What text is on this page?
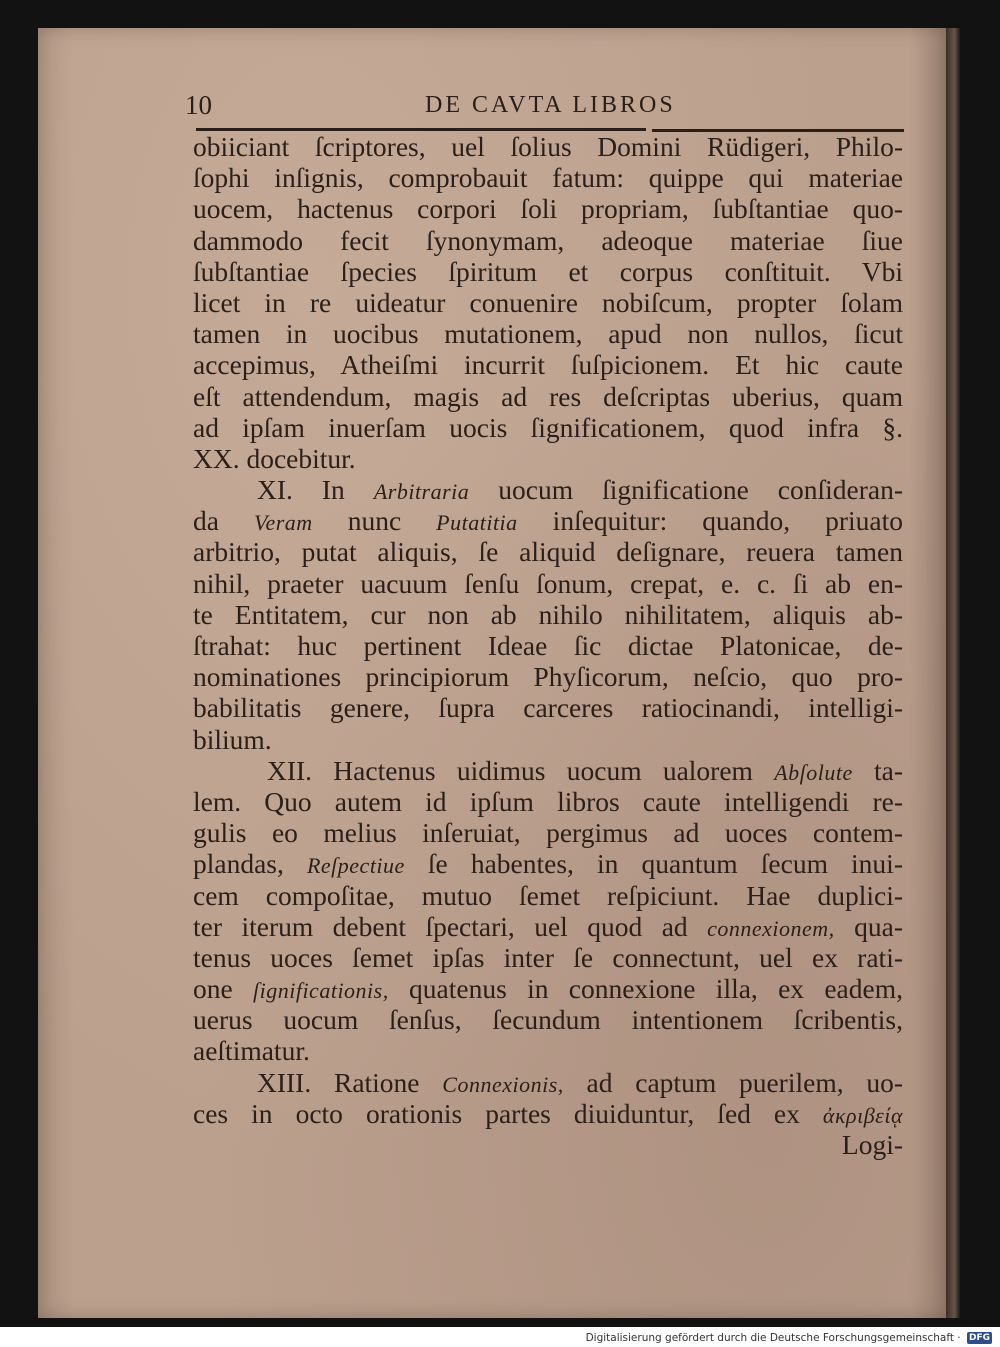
10	DE CAVTA LIBROS
obiiciant ſcriptores, uel ſolius Domini Rüdigeri, Philo-
ſophi inſignis, comprobauit fatum: quippe qui materiae
uocem, hactenus corpori ſoli propriam, ſubſtantiae quo-
dammodo fecit ſynonymam, adeoque materiae ſiue
ſubſtantiae ſpecies ſpiritum et corpus conſtituit. Vbi
licet in re uideatur conuenire nobiſcum, propter ſolam
tamen in uocibus mutationem, apud non nullos, ſicut
accepimus, Atheiſmi incurrit ſuſpicionem. Et hic caute
eſt attendendum, magis ad res deſcriptas uberius, quam
ad ipſam inuerſam uocis ſignificationem, quod infra §.
XX. docebitur.
XI. In Arbitraria uocum ſignificatione conſideran-
da Veram nunc Putatitia inſequitur: quando, priuato
arbitrio, putat aliquis, ſe aliquid deſignare, reuera tamen
nihil, praeter uacuum ſenſu ſonum, crepat, e. c. ſi ab en-
te Entitatem, cur non ab nihilo nihilitatem, aliquis ab-
ſtrahat: huc pertinent Ideae ſic dictae Platonicae, de-
nominationes principiorum Phyſicorum, neſcio, quo pro-
babilitatis genere, ſupra carceres ratiocinandi, intelligi-
bilium.
XII. Hactenus uidimus uocum ualorem Abſolute ta-
lem. Quo autem id ipſum libros caute intelligendi re-
gulis eo melius inſeruiat, pergimus ad uoces contem-
plandas, Reſpectiue ſe habentes, in quantum ſecum inui-
cem compoſitae, mutuo ſemet reſpiciunt. Hae duplici-
ter iterum debent ſpectari, uel quod ad connexionem, qua-
tenus uoces ſemet ipſas inter ſe connectunt, uel ex rati-
one ſignificationis, quatenus in connexione illa, ex eadem,
uerus uocum ſenſus, ſecundum intentionem ſcribentis,
aeſtimatur.
XIII. Ratione Connexionis, ad captum puerilem, uo-
ces in octo orationis partes diuiduntur, ſed ex ἀκριβείᾳ
Logi-
Digitalisierung gefördert durch die Deutsche Forschungsgemeinschaft · DFG
